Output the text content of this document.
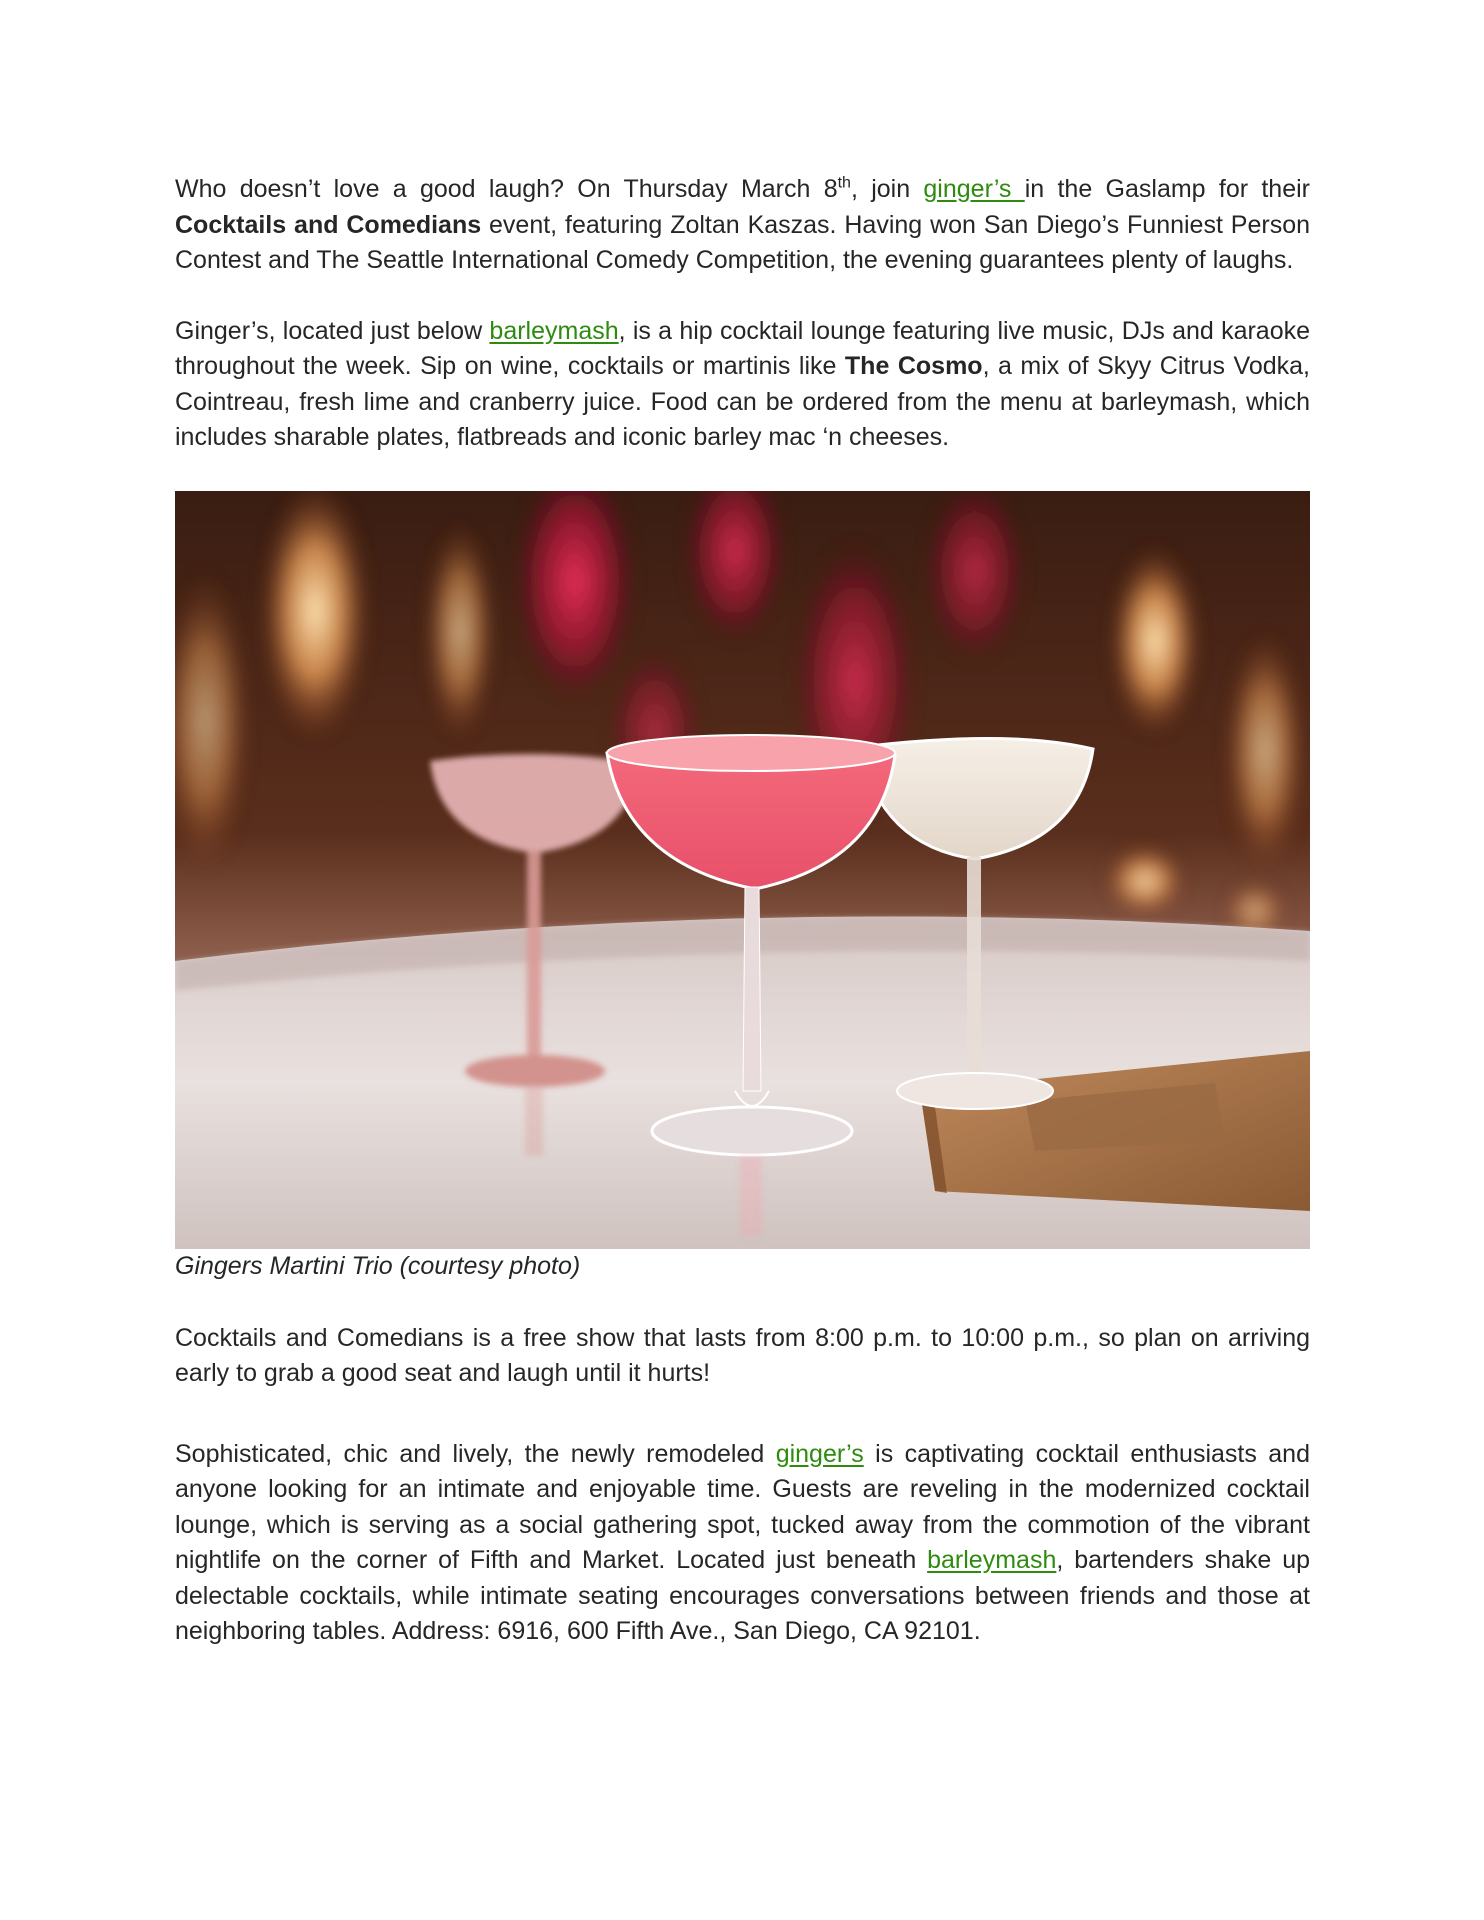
Who doesn’t love a good laugh? On Thursday March 8th, join ginger’s in the Gaslamp for their Cocktails and Comedians event, featuring Zoltan Kaszas. Having won San Diego’s Funniest Person Contest and The Seattle International Comedy Competition, the evening guarantees plenty of laughs.

Ginger’s, located just below barleymash, is a hip cocktail lounge featuring live music, DJs and karaoke throughout the week. Sip on wine, cocktails or martinis like The Cosmo, a mix of Skyy Citrus Vodka, Cointreau, fresh lime and cranberry juice. Food can be ordered from the menu at barleymash, which includes sharable plates, flatbreads and iconic barley mac ‘n cheeses.

Gingers Martini Trio (courtesy photo)

Cocktails and Comedians is a free show that lasts from 8:00 p.m. to 10:00 p.m., so plan on arriving early to grab a good seat and laugh until it hurts!

Sophisticated, chic and lively, the newly remodeled ginger’s is captivating cocktail enthusiasts and anyone looking for an intimate and enjoyable time. Guests are reveling in the modernized cocktail lounge, which is serving as a social gathering spot, tucked away from the commotion of the vibrant nightlife on the corner of Fifth and Market. Located just beneath barleymash, bartenders shake up delectable cocktails, while intimate seating encourages conversations between friends and those at neighboring tables. Address: 6916, 600 Fifth Ave., San Diego, CA 92101.
